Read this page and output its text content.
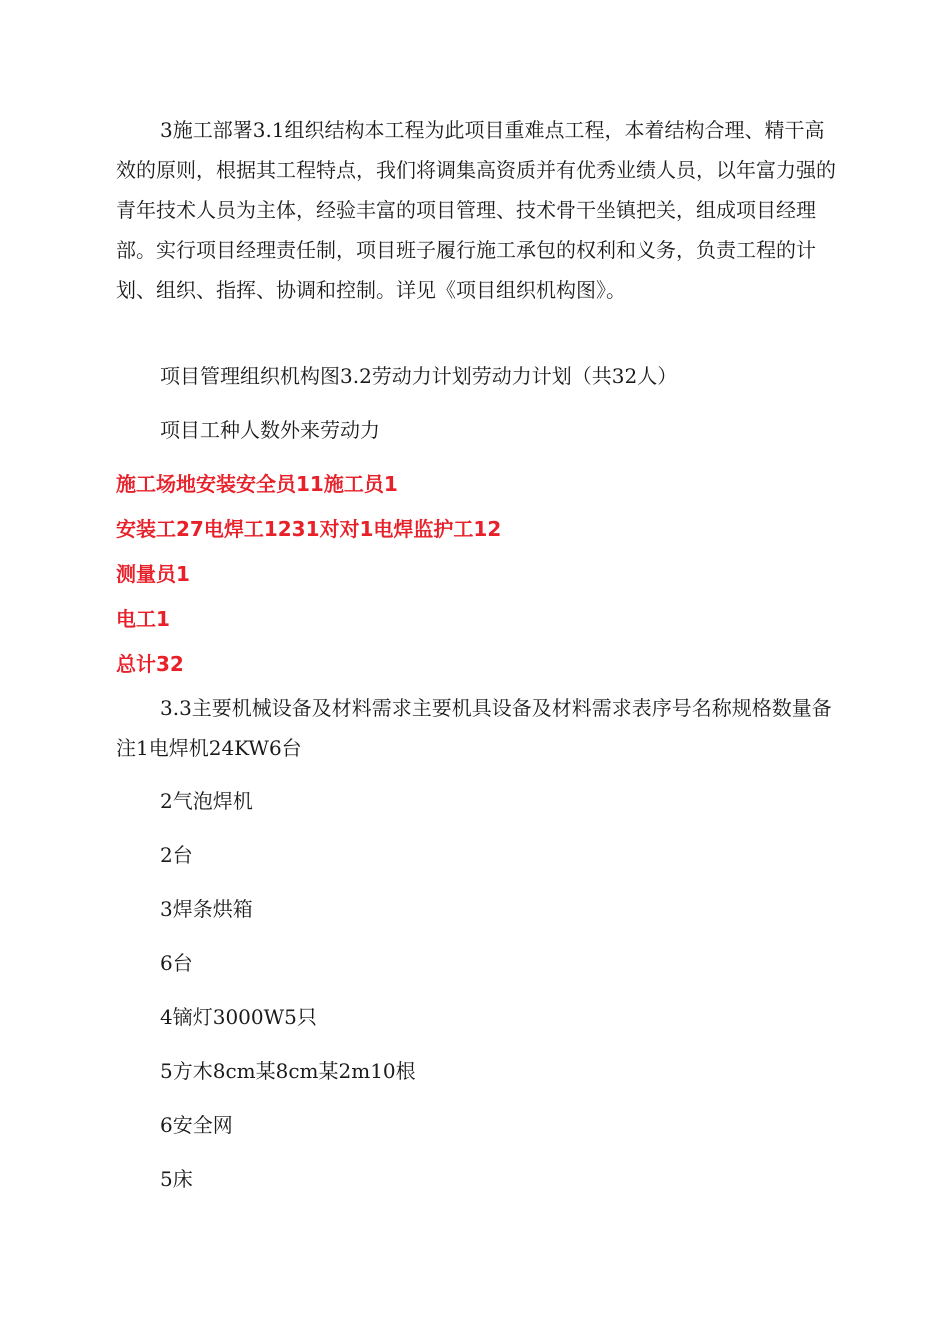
3施工部署3.1组织结构本工程为此项目重难点工程，本着结构合理、精干高效的原则，根据其工程特点，我们将调集高资质并有优秀业绩人员，以年富力强的青年技术人员为主体，经验丰富的项目管理、技术骨干坐镇把关，组成项目经理部。实行项目经理责任制，项目班子履行施工承包的权利和义务，负责工程的计划、组织、指挥、协调和控制。详见《项目组织机构图》。
项目管理组织机构图3.2劳动力计划劳动力计划（共32人）
项目工种人数外来劳动力
施工场地安装安全员11施工员1
安装工27电焊工1231对对1电焊监护工12
测量员1
电工1
总计32
3.3主要机械设备及材料需求主要机具设备及材料需求表序号名称规格数量备注1电焊机24KW6台
2气泡焊机
2台
3焊条烘箱
6台
4镝灯3000W5只
5方木8cm某8cm某2m10根
6安全网
5床
